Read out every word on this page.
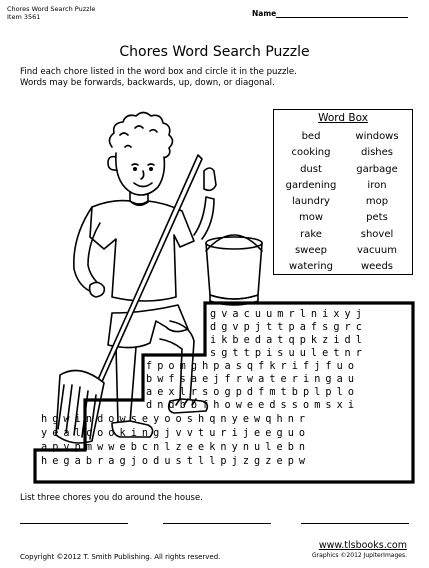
Chores Word Search Puzzle
Item 3561	Name
Chores Word Search Puzzle
Find each chore listed in the word box and circle it in the puzzle.
Words may be forwards, backwards, up, down, or diagonal.
Word Box
bed	windows
cooking	dishes
dust	garbage
gardening	iron
laundry	mop
mow	pets
rake	shovel
sweep	vacuum
watering	weeds
gvacuumrlnixyj
dgvpjttpafsgrc
ikbedatqpkzidl
sgttpisuuletnr
fpomghpasqfkrifjfuo
bwfsaejfrwateringau
aexlrsogpdfmtbplplo
dndbbfhoweedssomsxi
hgwindowseyooshqnyewqhnr
yealcookingjvvturijeeguo
apvpmwwebcnlzeeknynulebn
hegabragjodustllpjzgzepw
List three chores you do around the house.
www.tlsbooks.com
Copyright ©2012 T. Smith Publishing. All rights reserved.	Graphics ©2012 JupiterImages.
